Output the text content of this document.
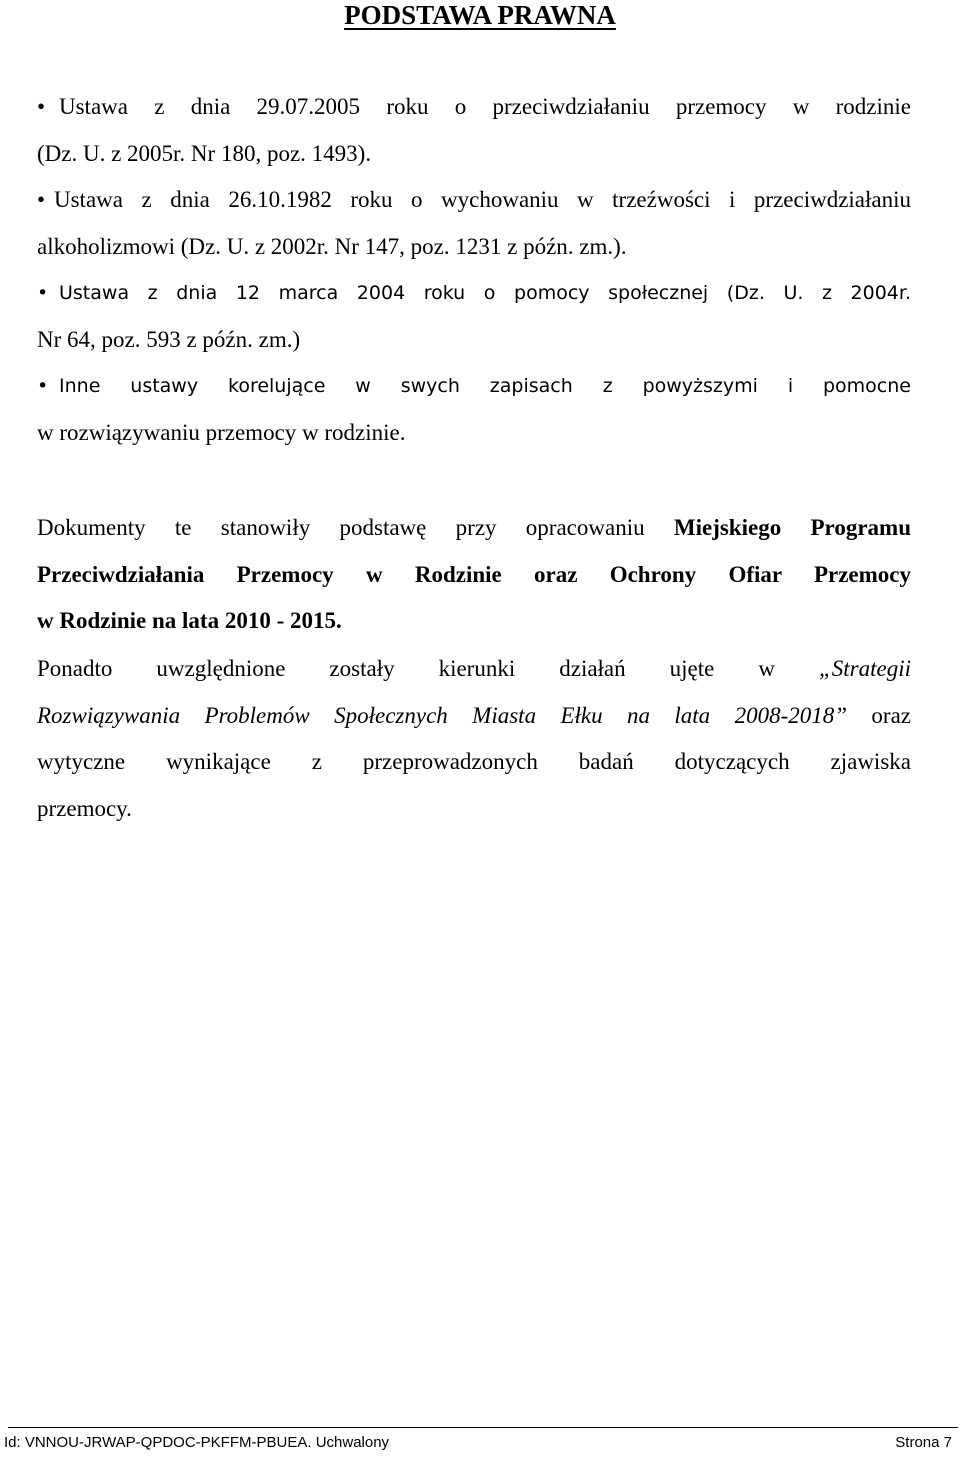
PODSTAWA PRAWNA
• Ustawa z dnia 29.07.2005 roku o przeciwdziałaniu przemocy w rodzinie
(Dz. U. z 2005r. Nr 180, poz. 1493).
• Ustawa z dnia 26.10.1982 roku o wychowaniu w trzeźwości i przeciwdziałaniu
alkoholizmowi (Dz. U. z 2002r. Nr 147, poz. 1231 z późn. zm.).
• Ustawa z dnia 12 marca 2004 roku o pomocy społecznej (Dz. U. z 2004r.
Nr 64, poz. 593 z późn. zm.)
• Inne ustawy korelujące w swych zapisach z powyższymi i pomocne
w rozwiązywaniu przemocy w rodzinie.
Dokumenty te stanowiły podstawę przy opracowaniu Miejskiego Programu
Przeciwdziałania Przemocy w Rodzinie oraz Ochrony Ofiar Przemocy
w Rodzinie na lata 2010 - 2015.
Ponadto uwzględnione zostały kierunki działań ujęte w „Strategii
Rozwiązywania Problemów Społecznych Miasta Ełku na lata 2008-2018” oraz
wytyczne wynikające z przeprowadzonych badań dotyczących zjawiska
przemocy.
Id: VNNOU-JRWAP-QPDOC-PKFFM-PBUEA. Uchwalony	Strona 7
